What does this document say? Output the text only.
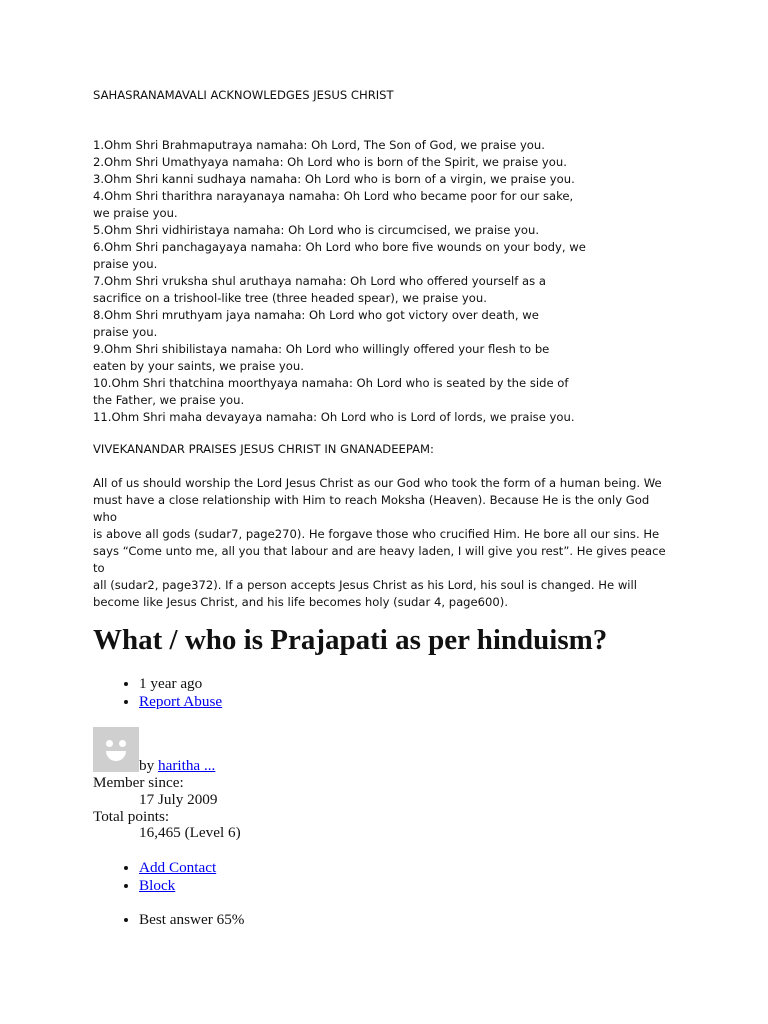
SAHASRANAMAVALI ACKNOWLEDGES JESUS CHRIST
1.Ohm Shri Brahmaputraya namaha: Oh Lord, The Son of God, we praise you.
2.Ohm Shri Umathyaya namaha: Oh Lord who is born of the Spirit, we praise you.
3.Ohm Shri kanni sudhaya namaha: Oh Lord who is born of a virgin, we praise you.
4.Ohm Shri tharithra narayanaya namaha: Oh Lord who became poor for our sake,
we praise you.
5.Ohm Shri vidhiristaya namaha: Oh Lord who is circumcised, we praise you.
6.Ohm Shri panchagayaya namaha: Oh Lord who bore five wounds on your body, we
praise you.
7.Ohm Shri vruksha shul aruthaya namaha: Oh Lord who offered yourself as a
sacrifice on a trishool-like tree (three headed spear), we praise you.
8.Ohm Shri mruthyam jaya namaha: Oh Lord who got victory over death, we
praise you.
9.Ohm Shri shibilistaya namaha: Oh Lord who willingly offered your flesh to be
eaten by your saints, we praise you.
10.Ohm Shri thatchina moorthyaya namaha: Oh Lord who is seated by the side of
the Father, we praise you.
11.Ohm Shri maha devayaya namaha: Oh Lord who is Lord of lords, we praise you.
VIVEKANANDAR PRAISES JESUS CHRIST IN GNANADEEPAM:
All of us should worship the Lord Jesus Christ as our God who took the form of a human being. We
must have a close relationship with Him to reach Moksha (Heaven). Because He is the only God who
is above all gods (sudar7, page270). He forgave those who crucified Him. He bore all our sins. He
says “Come unto me, all you that labour and are heavy laden, I will give you rest”. He gives peace to
all (sudar2, page372). If a person accepts Jesus Christ as his Lord, his soul is changed. He will
become like Jesus Christ, and his life becomes holy (sudar 4, page600).
What / who is Prajapati as per hinduism?
• 1 year ago
• Report Abuse
by haritha ...
Member since:
17 July 2009
Total points:
16,465 (Level 6)
• Add Contact
• Block
• Best answer 65%
